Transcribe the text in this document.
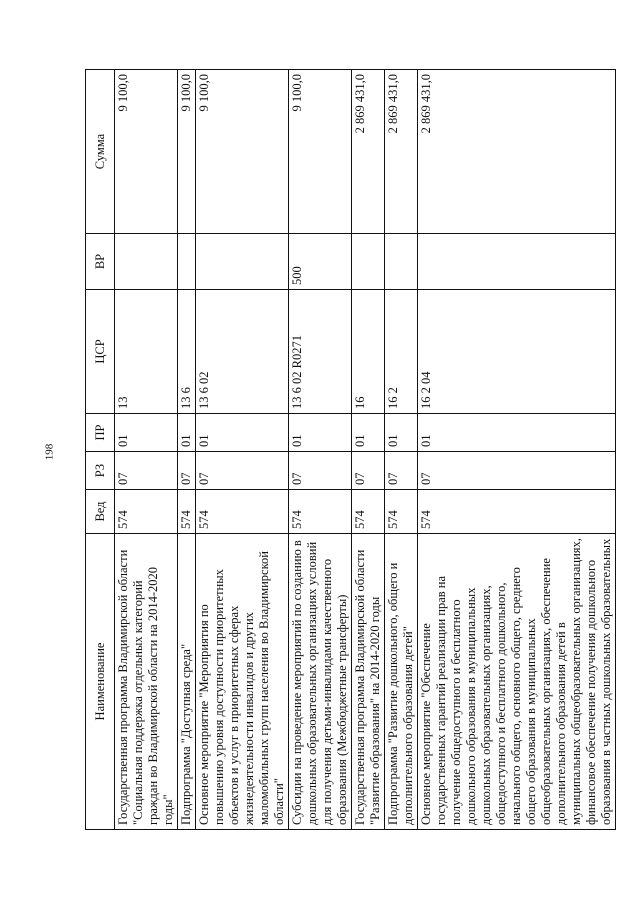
198
Наименование	Вед	РЗ	ПР	ЦСР	ВР	Сумма
Государственная программа Владимирской области "Социальная поддержка отдельных категорий граждан во Владимирской области на 2014-2020 годы"	574	07	01	13		9 100,0
Подпрограмма "Доступная среда"	574	07	01	13 6		9 100,0
Основное мероприятие "Мероприятия по повышению уровня доступности приоритетных объектов и услуг в приоритетных сферах жизнедеятельности инвалидов и других маломобильных групп населения во Владимирской области"	574	07	01	13 6 02		9 100,0
Субсидии на проведение мероприятий по созданию в дошкольных образовательных организациях условий для получения детьми-инвалидами качественного образования (Межбюджетные трансферты)	574	07	01	13 6 02 R0271	500	9 100,0
Государственная программа Владимирской области "Развитие образования" на 2014-2020 годы	574	07	01	16		2 869 431,0
Подпрограмма "Развитие дошкольного, общего и дополнительного образования детей"	574	07	01	16 2		2 869 431,0
Основное мероприятие "Обеспечение государственных гарантий реализации прав на получение общедоступного и бесплатного дошкольного образования в муниципальных дошкольных образовательных организациях, общедоступного и бесплатного дошкольного, начального общего, основного общего, среднего общего образования в муниципальных общеобразовательных организациях, обеспечение дополнительного образования детей в муниципальных общеобразовательных организациях, финансовое обеспечение получения дошкольного образования в частных дошкольных образовательных	574	07	01	16 2 04		2 869 431,0
